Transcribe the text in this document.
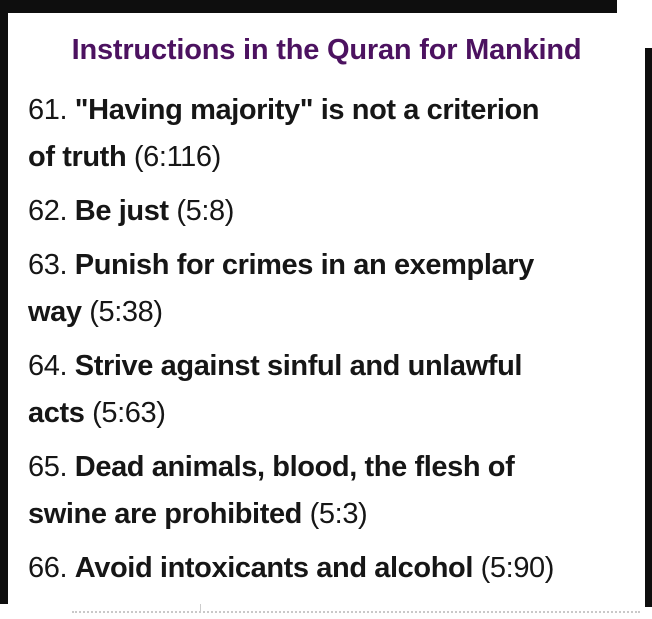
Instructions in the Quran for Mankind

61. "Having majority" is not a criterion
of truth (6:116)

62. Be just (5:8)

63. Punish for crimes in an exemplary
way (5:38)

64. Strive against sinful and unlawful
acts (5:63)

65. Dead animals, blood, the flesh of
swine are prohibited (5:3)

66. Avoid intoxicants and alcohol (5:90)
